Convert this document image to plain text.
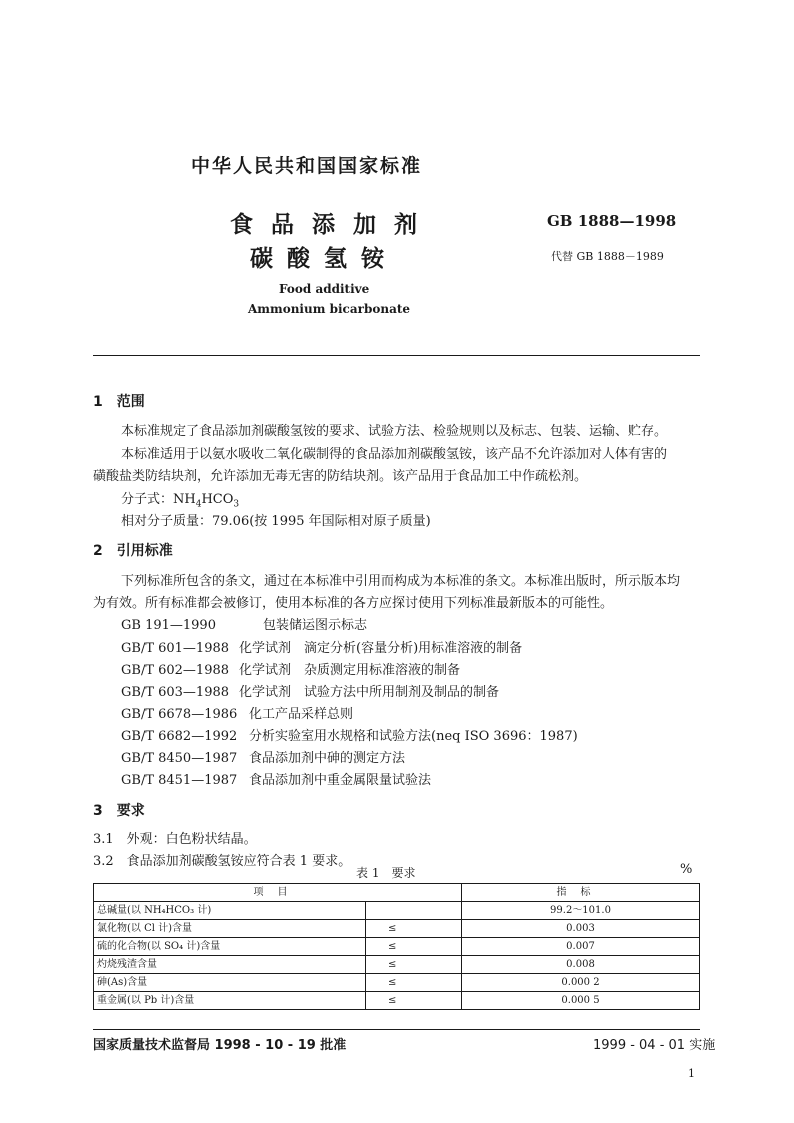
中华人民共和国国家标准
食品添加剂
碳酸氢铵
GB 1888—1998
代替 GB 1888－1989
Food additive
Ammonium bicarbonate
1　范围
本标准规定了食品添加剂碳酸氢铵的要求、试验方法、检验规则以及标志、包装、运输、贮存。
本标准适用于以氨水吸收二氧化碳制得的食品添加剂碳酸氢铵，该产品不允许添加对人体有害的
磺酸盐类防结块剂，允许添加无毒无害的防结块剂。该产品用于食品加工中作疏松剂。
分子式：$NH_4HCO_3$
相对分子质量：79.06(按 1995 年国际相对原子质量)
2　引用标准
下列标准所包含的条文，通过在本标准中引用而构成为本标准的条文。本标准出版时，所示版本均
为有效。所有标准都会被修订，使用本标准的各方应探讨使用下列标准最新版本的可能性。
GB 191—1990	包装储运图示标志
GB/T 601—1988 化学试剂　滴定分析(容量分析)用标准溶液的制备
GB/T 602—1988 化学试剂　杂质测定用标准溶液的制备
GB/T 603—1988 化学试剂　试验方法中所用制剂及制品的制备
GB/T 6678—1986 化工产品采样总则
GB/T 6682—1992 分析实验室用水规格和试验方法(neq ISO 3696：1987)
GB/T 8450—1987 食品添加剂中砷的测定方法
GB/T 8451—1987 食品添加剂中重金属限量试验法
3　要求
3.1　外观：白色粉状结晶。
3.2　食品添加剂碳酸氢铵应符合表 1 要求。
表 1　要求	%
项目		指标
总碱量(以 NH₄HCO₃ 计)		99.2～101.0
氯化物(以 Cl 计)含量	≤	0.003
硫的化合物(以 SO₄ 计)含量	≤	0.007
灼烧残渣含量	≤	0.008
砷(As)含量	≤	0.000 2
重金属(以 Pb 计)含量	≤	0.000 5
国家质量技术监督局 1998 - 10 - 19 批准	1999 - 04 - 01 实施
1
